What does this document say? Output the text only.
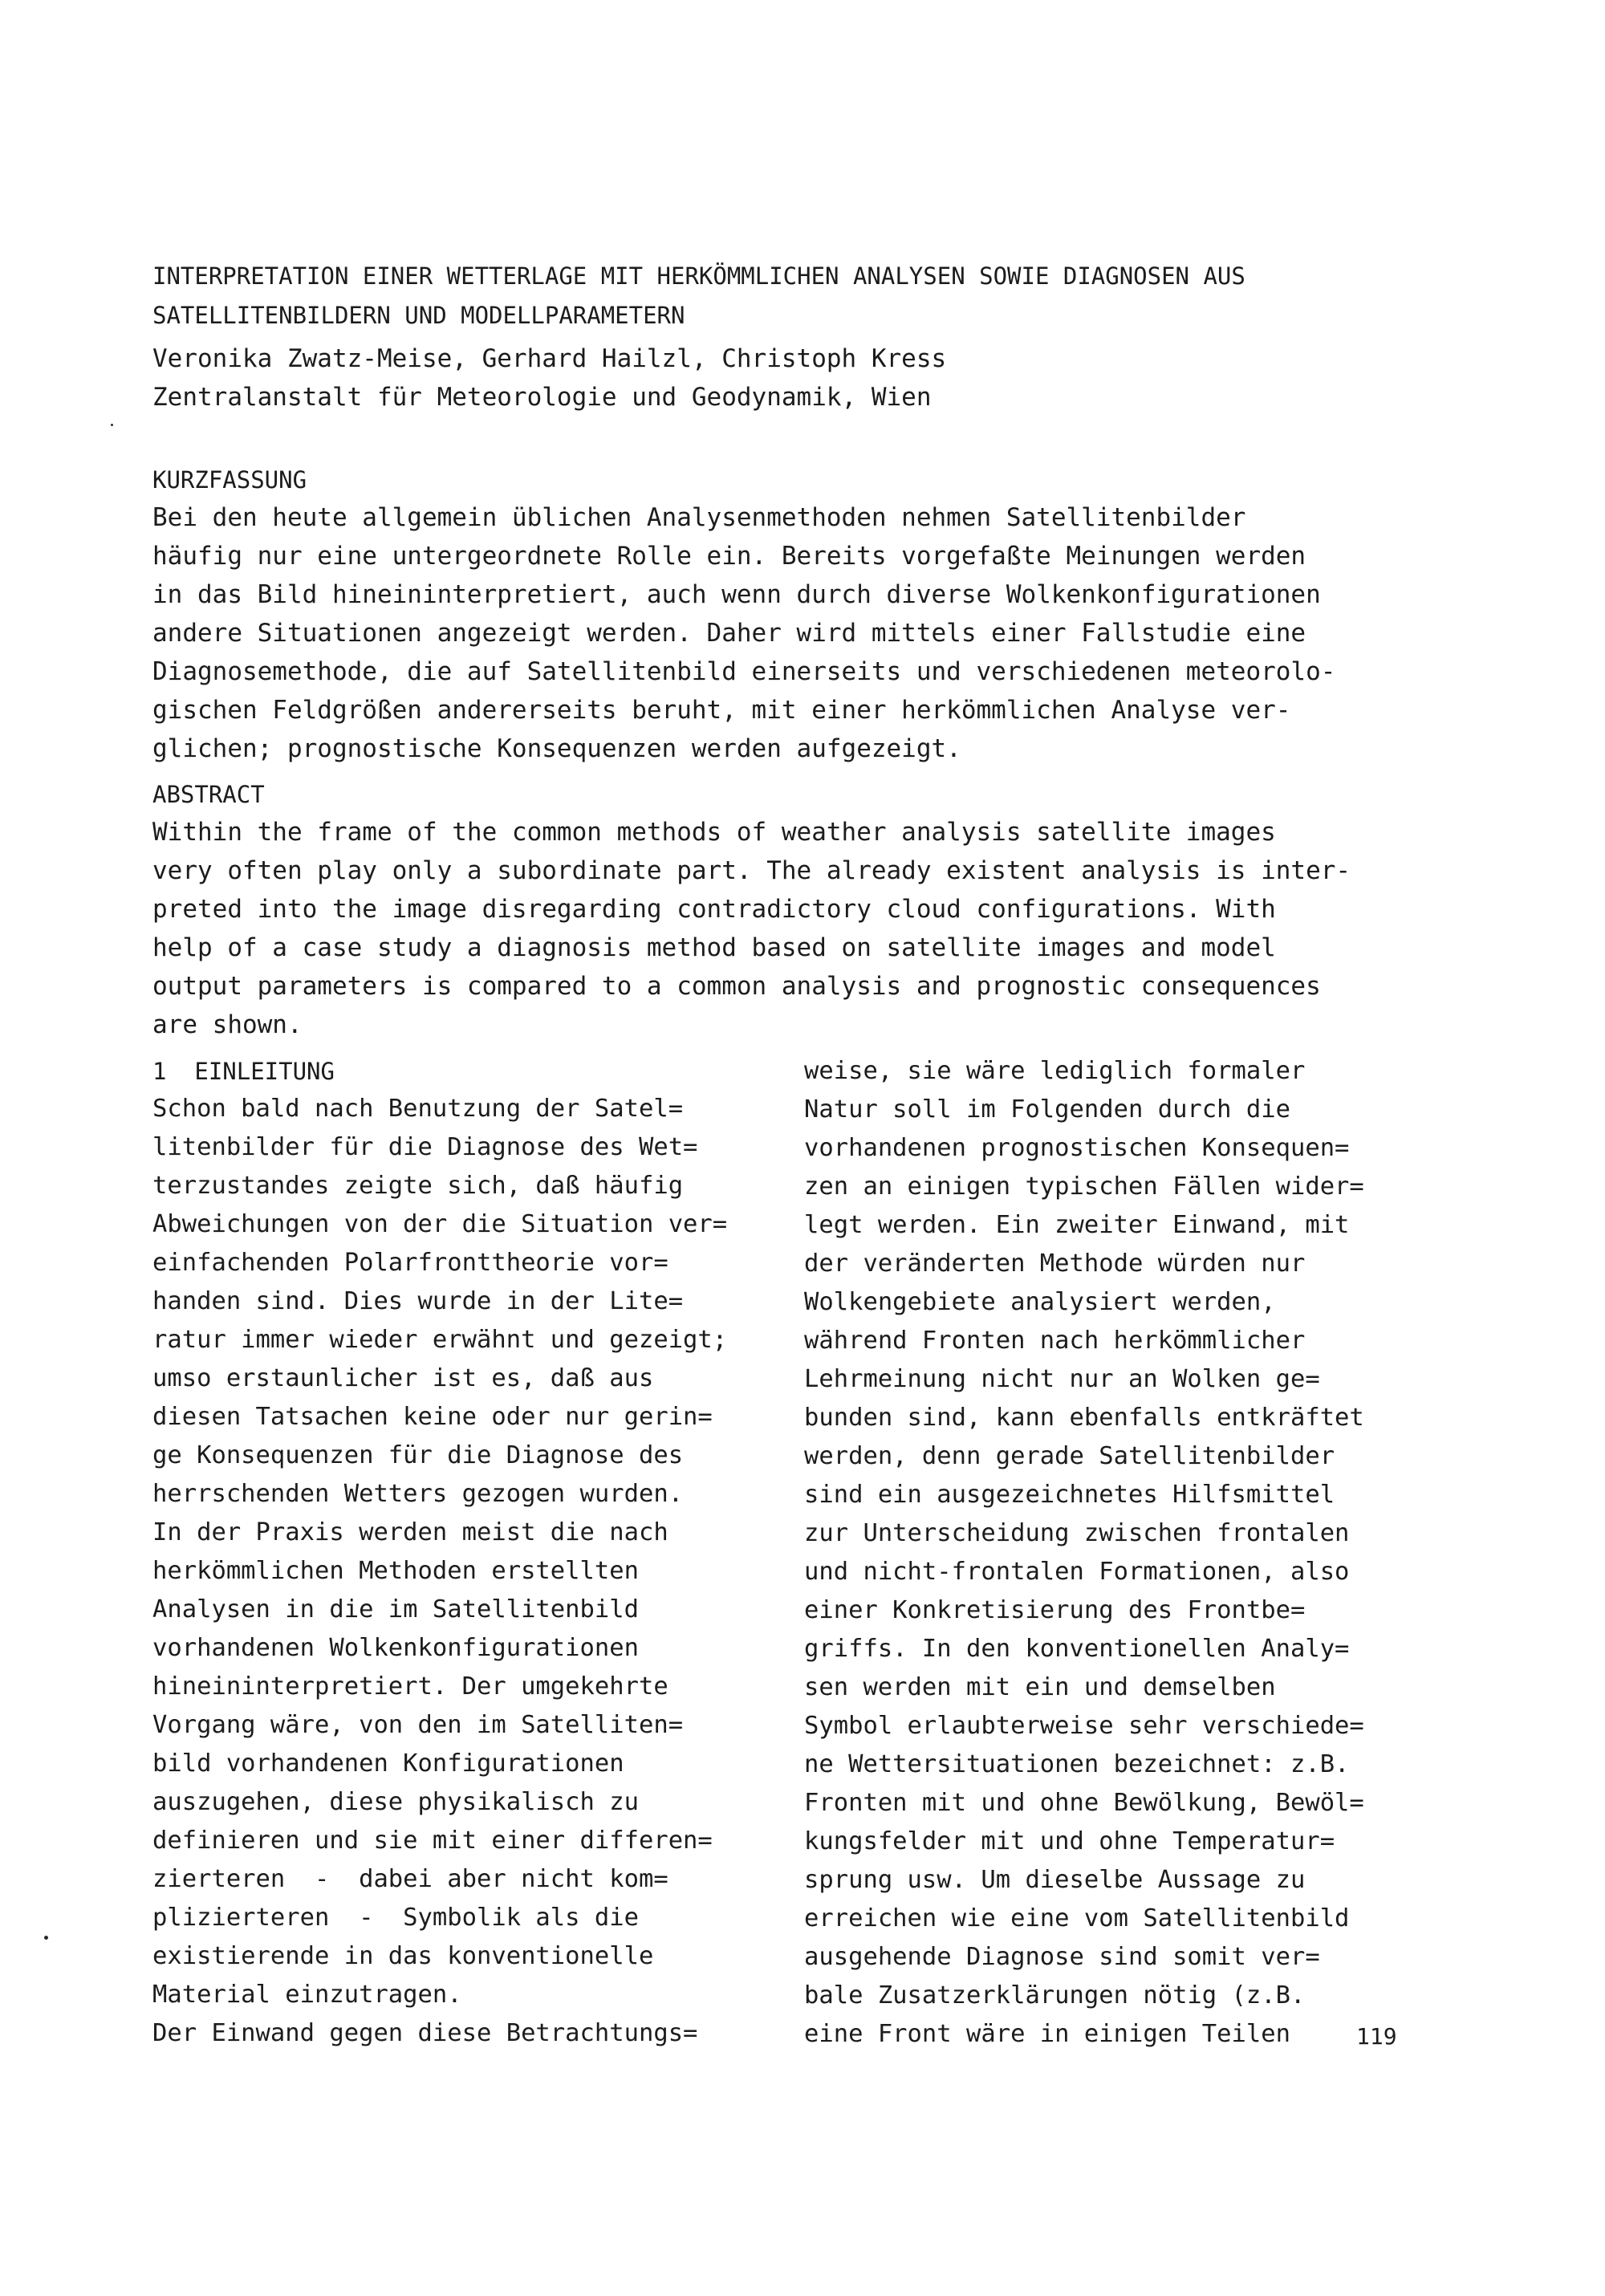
INTERPRETATION EINER WETTERLAGE MIT HERKÖMMLICHEN ANALYSEN SOWIE DIAGNOSEN AUS
SATELLITENBILDERN UND MODELLPARAMETERN
Veronika Zwatz-Meise, Gerhard Hailzl, Christoph Kress
Zentralanstalt für Meteorologie und Geodynamik, Wien
KURZFASSUNG
Bei den heute allgemein üblichen Analysenmethoden nehmen Satellitenbilder
häufig nur eine untergeordnete Rolle ein. Bereits vorgefaßte Meinungen werden
in das Bild hineininterpretiert, auch wenn durch diverse Wolkenkonfigurationen
andere Situationen angezeigt werden. Daher wird mittels einer Fallstudie eine
Diagnosemethode, die auf Satellitenbild einerseits und verschiedenen meteorolo-
gischen Feldgrößen andererseits beruht, mit einer herkömmlichen Analyse ver-
glichen; prognostische Konsequenzen werden aufgezeigt.
ABSTRACT
Within the frame of the common methods of weather analysis satellite images
very often play only a subordinate part. The already existent analysis is inter-
preted into the image disregarding contradictory cloud configurations. With
help of a case study a diagnosis method based on satellite images and model
output parameters is compared to a common analysis and prognostic consequences
are shown.
1  EINLEITUNG
Schon bald nach Benutzung der Satel=
litenbilder für die Diagnose des Wet=
terzustandes zeigte sich, daß häufig
Abweichungen von der die Situation ver=
einfachenden Polarfronttheorie vor=
handen sind. Dies wurde in der Lite=
ratur immer wieder erwähnt und gezeigt;
umso erstaunlicher ist es, daß aus
diesen Tatsachen keine oder nur gerin=
ge Konsequenzen für die Diagnose des
herrschenden Wetters gezogen wurden.
In der Praxis werden meist die nach
herkömmlichen Methoden erstellten
Analysen in die im Satellitenbild
vorhandenen Wolkenkonfigurationen
hineininterpretiert. Der umgekehrte
Vorgang wäre, von den im Satelliten=
bild vorhandenen Konfigurationen
auszugehen, diese physikalisch zu
definieren und sie mit einer differen=
zierteren  -  dabei aber nicht kom=
plizierteren  -  Symbolik als die
existierende in das konventionelle
Material einzutragen.
Der Einwand gegen diese Betrachtungs=
weise, sie wäre lediglich formaler
Natur soll im Folgenden durch die
vorhandenen prognostischen Konsequen=
zen an einigen typischen Fällen wider=
legt werden. Ein zweiter Einwand, mit
der veränderten Methode würden nur
Wolkengebiete analysiert werden,
während Fronten nach herkömmlicher
Lehrmeinung nicht nur an Wolken ge=
bunden sind, kann ebenfalls entkräftet
werden, denn gerade Satellitenbilder
sind ein ausgezeichnetes Hilfsmittel
zur Unterscheidung zwischen frontalen
und nicht-frontalen Formationen, also
einer Konkretisierung des Frontbe=
griffs. In den konventionellen Analy=
sen werden mit ein und demselben
Symbol erlaubterweise sehr verschiede=
ne Wettersituationen bezeichnet: z.B.
Fronten mit und ohne Bewölkung, Bewöl=
kungsfelder mit und ohne Temperatur=
sprung usw. Um dieselbe Aussage zu
erreichen wie eine vom Satellitenbild
ausgehende Diagnose sind somit ver=
bale Zusatzerklärungen nötig (z.B.
eine Front wäre in einigen Teilen	119
